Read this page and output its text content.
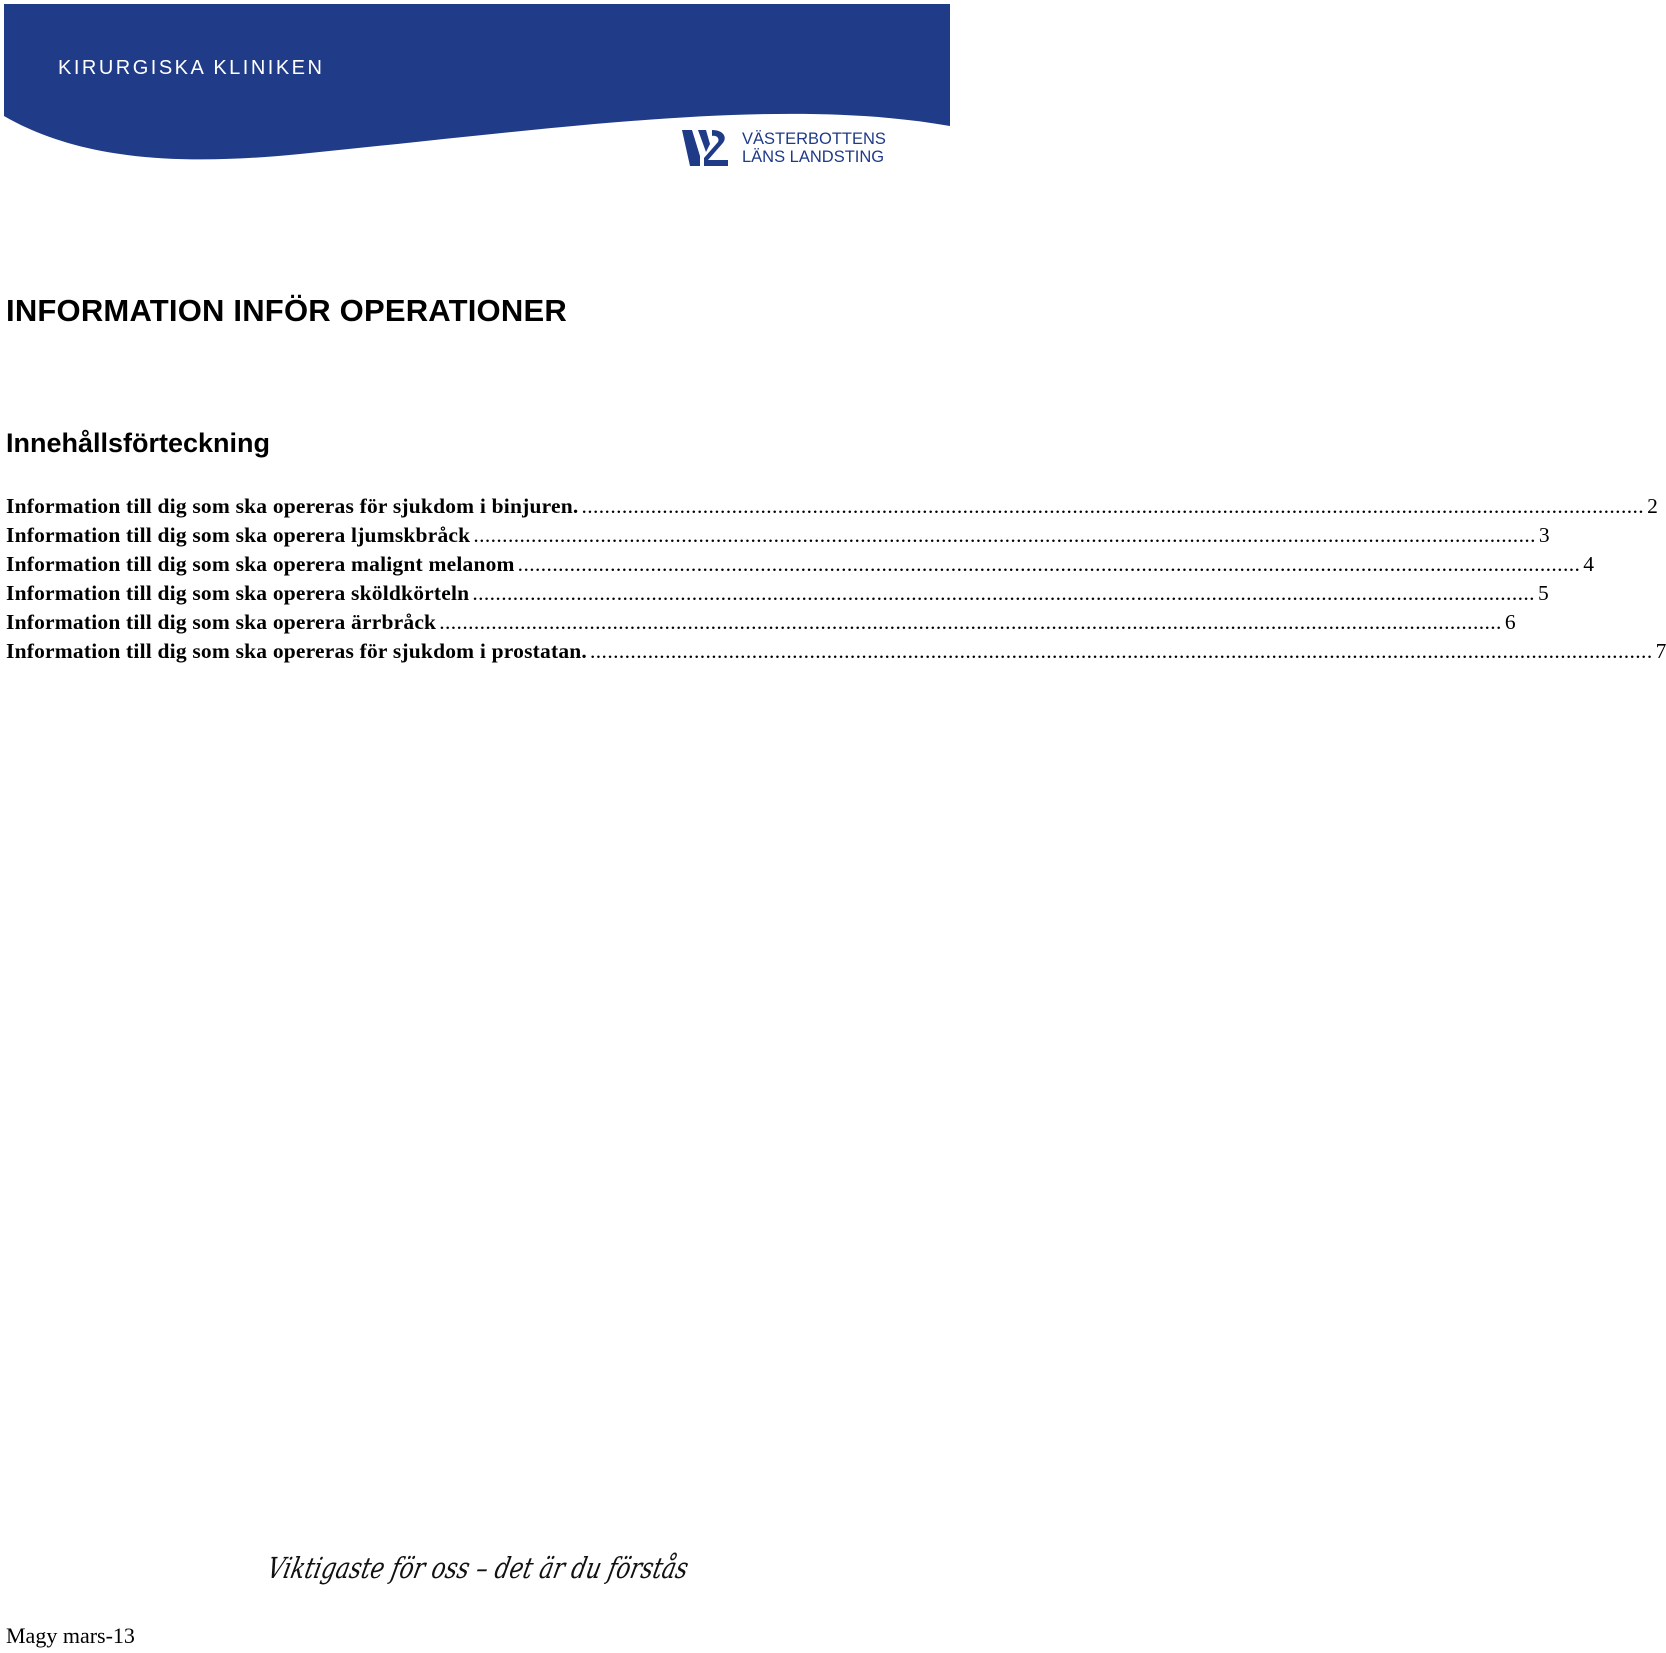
KIRURGISKA KLINIKEN
VÄSTERBOTTENS
LÄNS LANDSTING
INFORMATION INFÖR OPERATIONER
Innehållsförteckning
Information till dig som ska opereras för sjukdom i binjuren. .....	2
Information till dig som ska operera ljumskbråck .....	3
Information till dig som ska operera malignt melanom .....	4
Information till dig som ska operera sköldkörteln .....	5
Information till dig som ska operera ärrbråck .....	6
Information till dig som ska opereras för sjukdom i prostatan. .....	7
Viktigaste för oss – det är du förstås
Magy mars-13
